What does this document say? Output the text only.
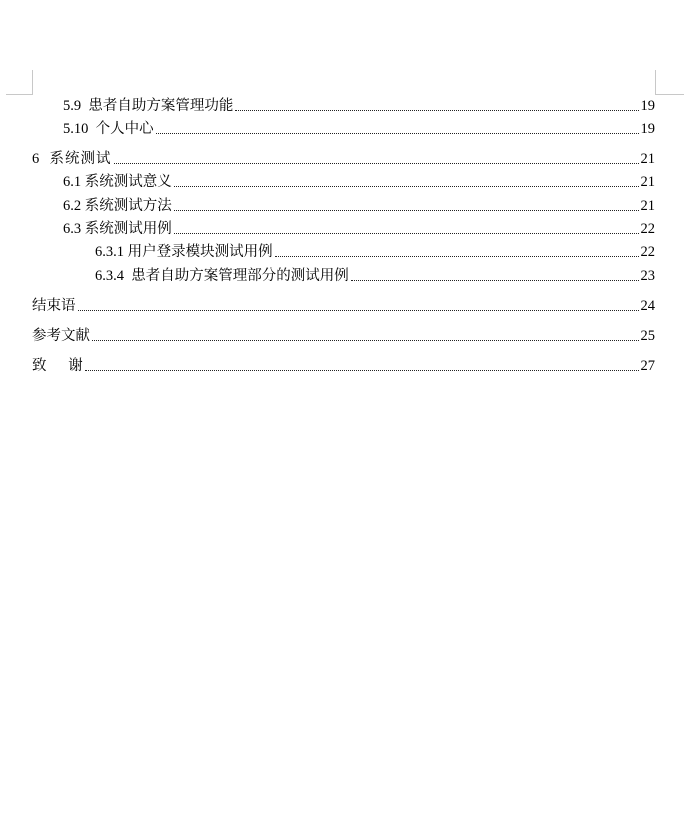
5.9  患者自助方案管理功能	19
5.10  个人中心	19
6  系统测试	21
6.1 系统测试意义	21
6.2 系统测试方法	21
6.3 系统测试用例	22
6.3.1 用户登录模块测试用例	22
6.3.4  患者自助方案管理部分的测试用例	23
结束语	24
参考文献	25
致      谢	27
